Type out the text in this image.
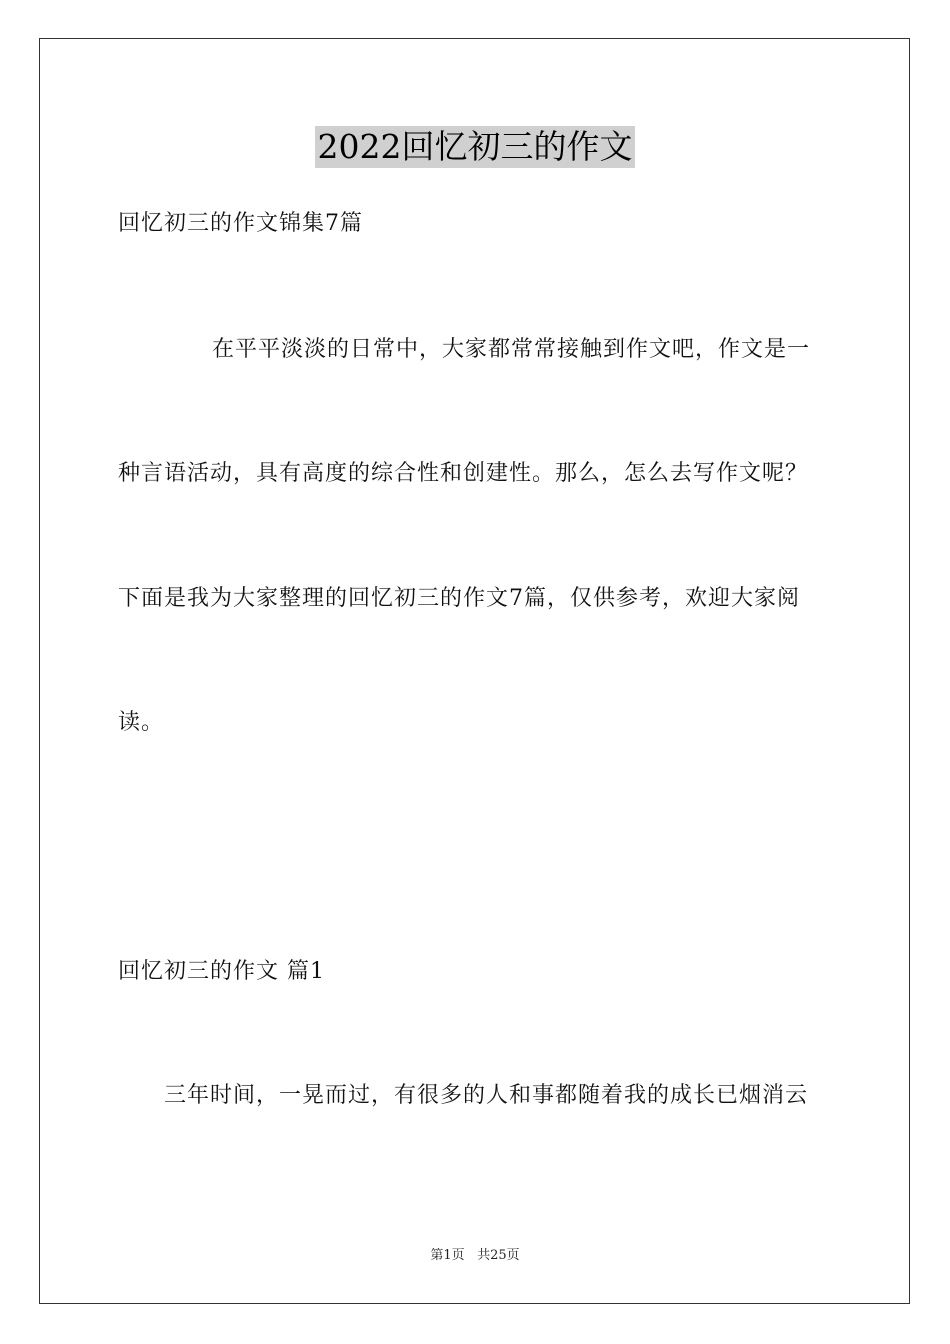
2022回忆初三的作文
回忆初三的作文锦集7篇
在平平淡淡的日常中，大家都常常接触到作文吧，作文是一
种言语活动，具有高度的综合性和创建性。那么，怎么去写作文呢？
下面是我为大家整理的回忆初三的作文7篇，仅供参考，欢迎大家阅
读。
回忆初三的作文 篇1
三年时间，一晃而过，有很多的人和事都随着我的成长已烟消云
第1页 共25页
